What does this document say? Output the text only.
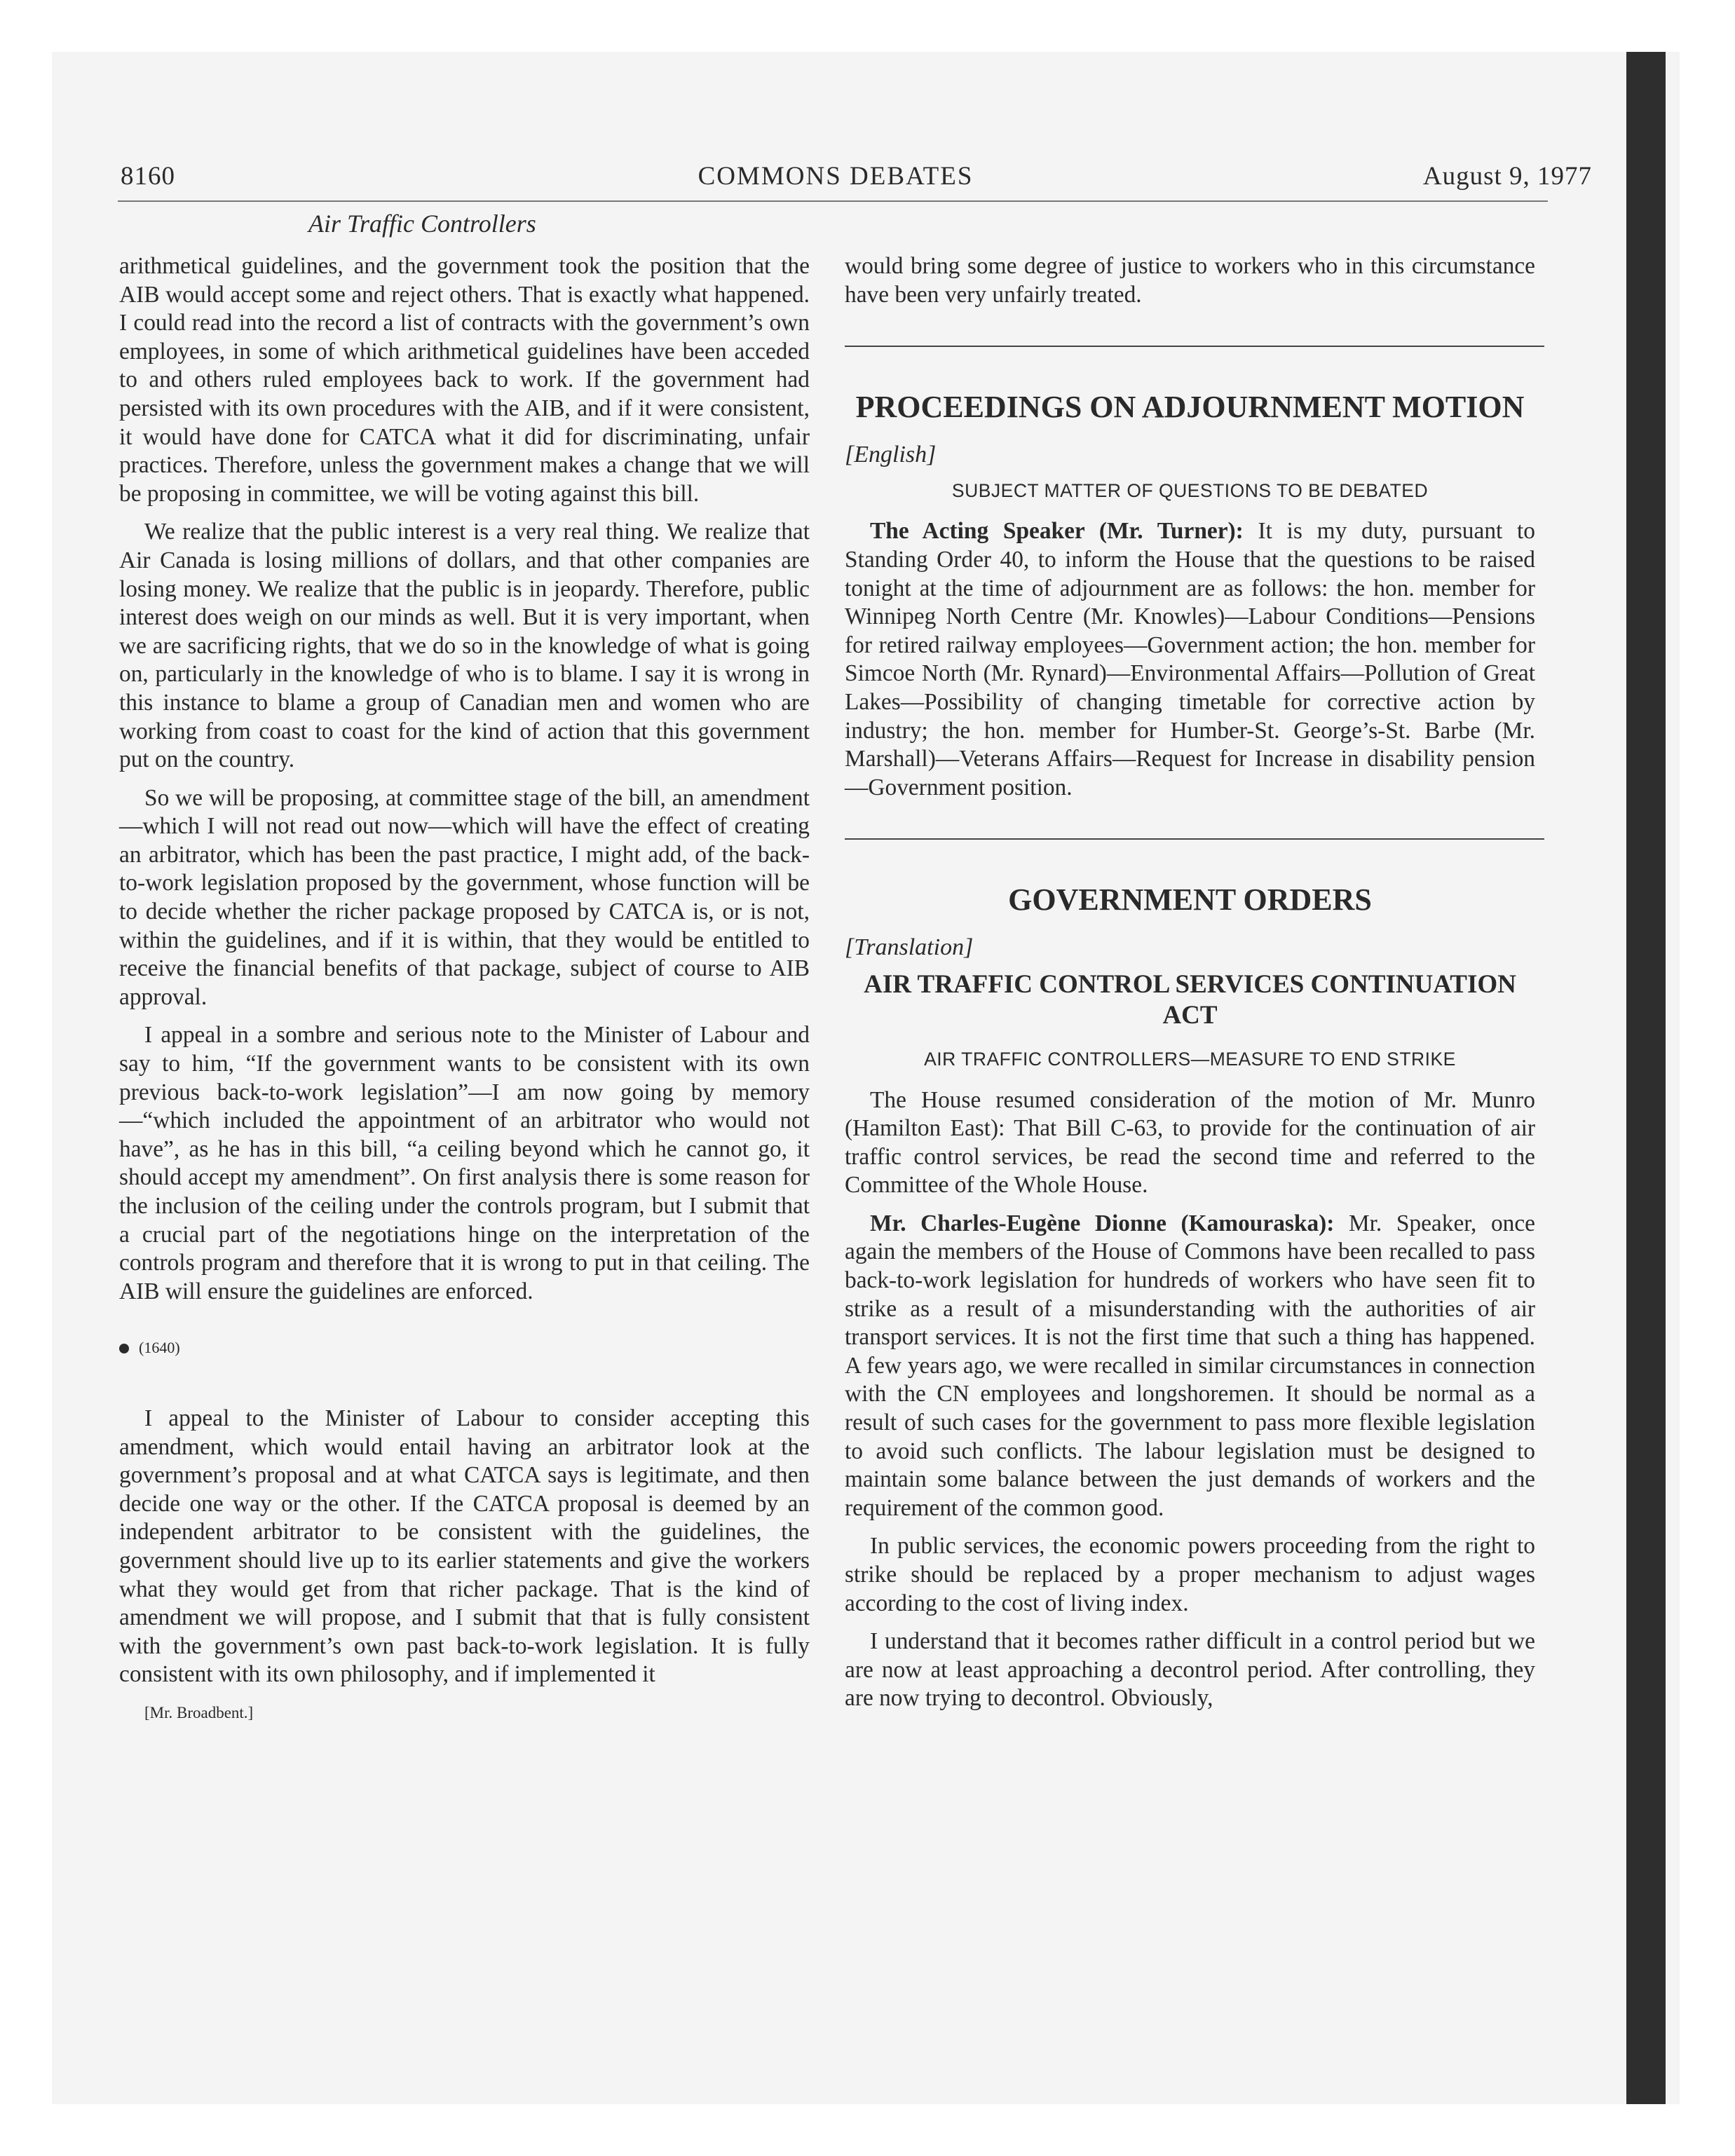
8160	COMMONS DEBATES	August 9, 1977
Air Traffic Controllers

arithmetical guidelines, and the government took the position that the AIB would accept some and reject others. That is exactly what happened. I could read into the record a list of contracts with the government’s own employees, in some of which arithmetical guidelines have been acceded to and others ruled employees back to work. If the government had persisted with its own procedures with the AIB, and if it were consistent, it would have done for CATCA what it did for discriminating, unfair practices. Therefore, unless the government makes a change that we will be proposing in committee, we will be voting against this bill.

We realize that the public interest is a very real thing. We realize that Air Canada is losing millions of dollars, and that other companies are losing money. We realize that the public is in jeopardy. Therefore, public interest does weigh on our minds as well. But it is very important, when we are sacrificing rights, that we do so in the knowledge of what is going on, particularly in the knowledge of who is to blame. I say it is wrong in this instance to blame a group of Canadian men and women who are working from coast to coast for the kind of action that this government put on the country.

So we will be proposing, at committee stage of the bill, an amendment—which I will not read out now—which will have the effect of creating an arbitrator, which has been the past practice, I might add, of the back-to-work legislation proposed by the government, whose function will be to decide whether the richer package proposed by CATCA is, or is not, within the guidelines, and if it is within, that they would be entitled to receive the financial benefits of that package, subject of course to AIB approval.

I appeal in a sombre and serious note to the Minister of Labour and say to him, “If the government wants to be consistent with its own previous back-to-work legislation”—I am now going by memory—“which included the appointment of an arbitrator who would not have”, as he has in this bill, “a ceiling beyond which he cannot go, it should accept my amendment”. On first analysis there is some reason for the inclusion of the ceiling under the controls program, but I submit that a crucial part of the negotiations hinge on the interpretation of the controls program and therefore that it is wrong to put in that ceiling. The AIB will ensure the guidelines are enforced.

(1640)

I appeal to the Minister of Labour to consider accepting this amendment, which would entail having an arbitrator look at the government’s proposal and at what CATCA says is legitimate, and then decide one way or the other. If the CATCA proposal is deemed by an independent arbitrator to be consistent with the guidelines, the government should live up to its earlier statements and give the workers what they would get from that richer package. That is the kind of amendment we will propose, and I submit that that is fully consistent with the government’s own past back-to-work legislation. It is fully consistent with its own philosophy, and if implemented it

[Mr. Broadbent.]

would bring some degree of justice to workers who in this circumstance have been very unfairly treated.

PROCEEDINGS ON ADJOURNMENT MOTION
[English]
SUBJECT MATTER OF QUESTIONS TO BE DEBATED

The Acting Speaker (Mr. Turner): It is my duty, pursuant to Standing Order 40, to inform the House that the questions to be raised tonight at the time of adjournment are as follows: the hon. member for Winnipeg North Centre (Mr. Knowles)—Labour Conditions—Pensions for retired railway employees—Government action; the hon. member for Simcoe North (Mr. Rynard)—Environmental Affairs—Pollution of Great Lakes—Possibility of changing timetable for corrective action by industry; the hon. member for Humber-St. George’s-St. Barbe (Mr. Marshall)—Veterans Affairs—Request for Increase in disability pension—Government position.

GOVERNMENT ORDERS
[Translation]
AIR TRAFFIC CONTROL SERVICES CONTINUATION ACT
AIR TRAFFIC CONTROLLERS—MEASURE TO END STRIKE

The House resumed consideration of the motion of Mr. Munro (Hamilton East): That Bill C-63, to provide for the continuation of air traffic control services, be read the second time and referred to the Committee of the Whole House.

Mr. Charles-Eugène Dionne (Kamouraska): Mr. Speaker, once again the members of the House of Commons have been recalled to pass back-to-work legislation for hundreds of workers who have seen fit to strike as a result of a misunderstanding with the authorities of air transport services. It is not the first time that such a thing has happened. A few years ago, we were recalled in similar circumstances in connection with the CN employees and longshoremen. It should be normal as a result of such cases for the government to pass more flexible legislation to avoid such conflicts. The labour legislation must be designed to maintain some balance between the just demands of workers and the requirement of the common good.

In public services, the economic powers proceeding from the right to strike should be replaced by a proper mechanism to adjust wages according to the cost of living index.

I understand that it becomes rather difficult in a control period but we are now at least approaching a decontrol period. After controlling, they are now trying to decontrol. Obviously,
